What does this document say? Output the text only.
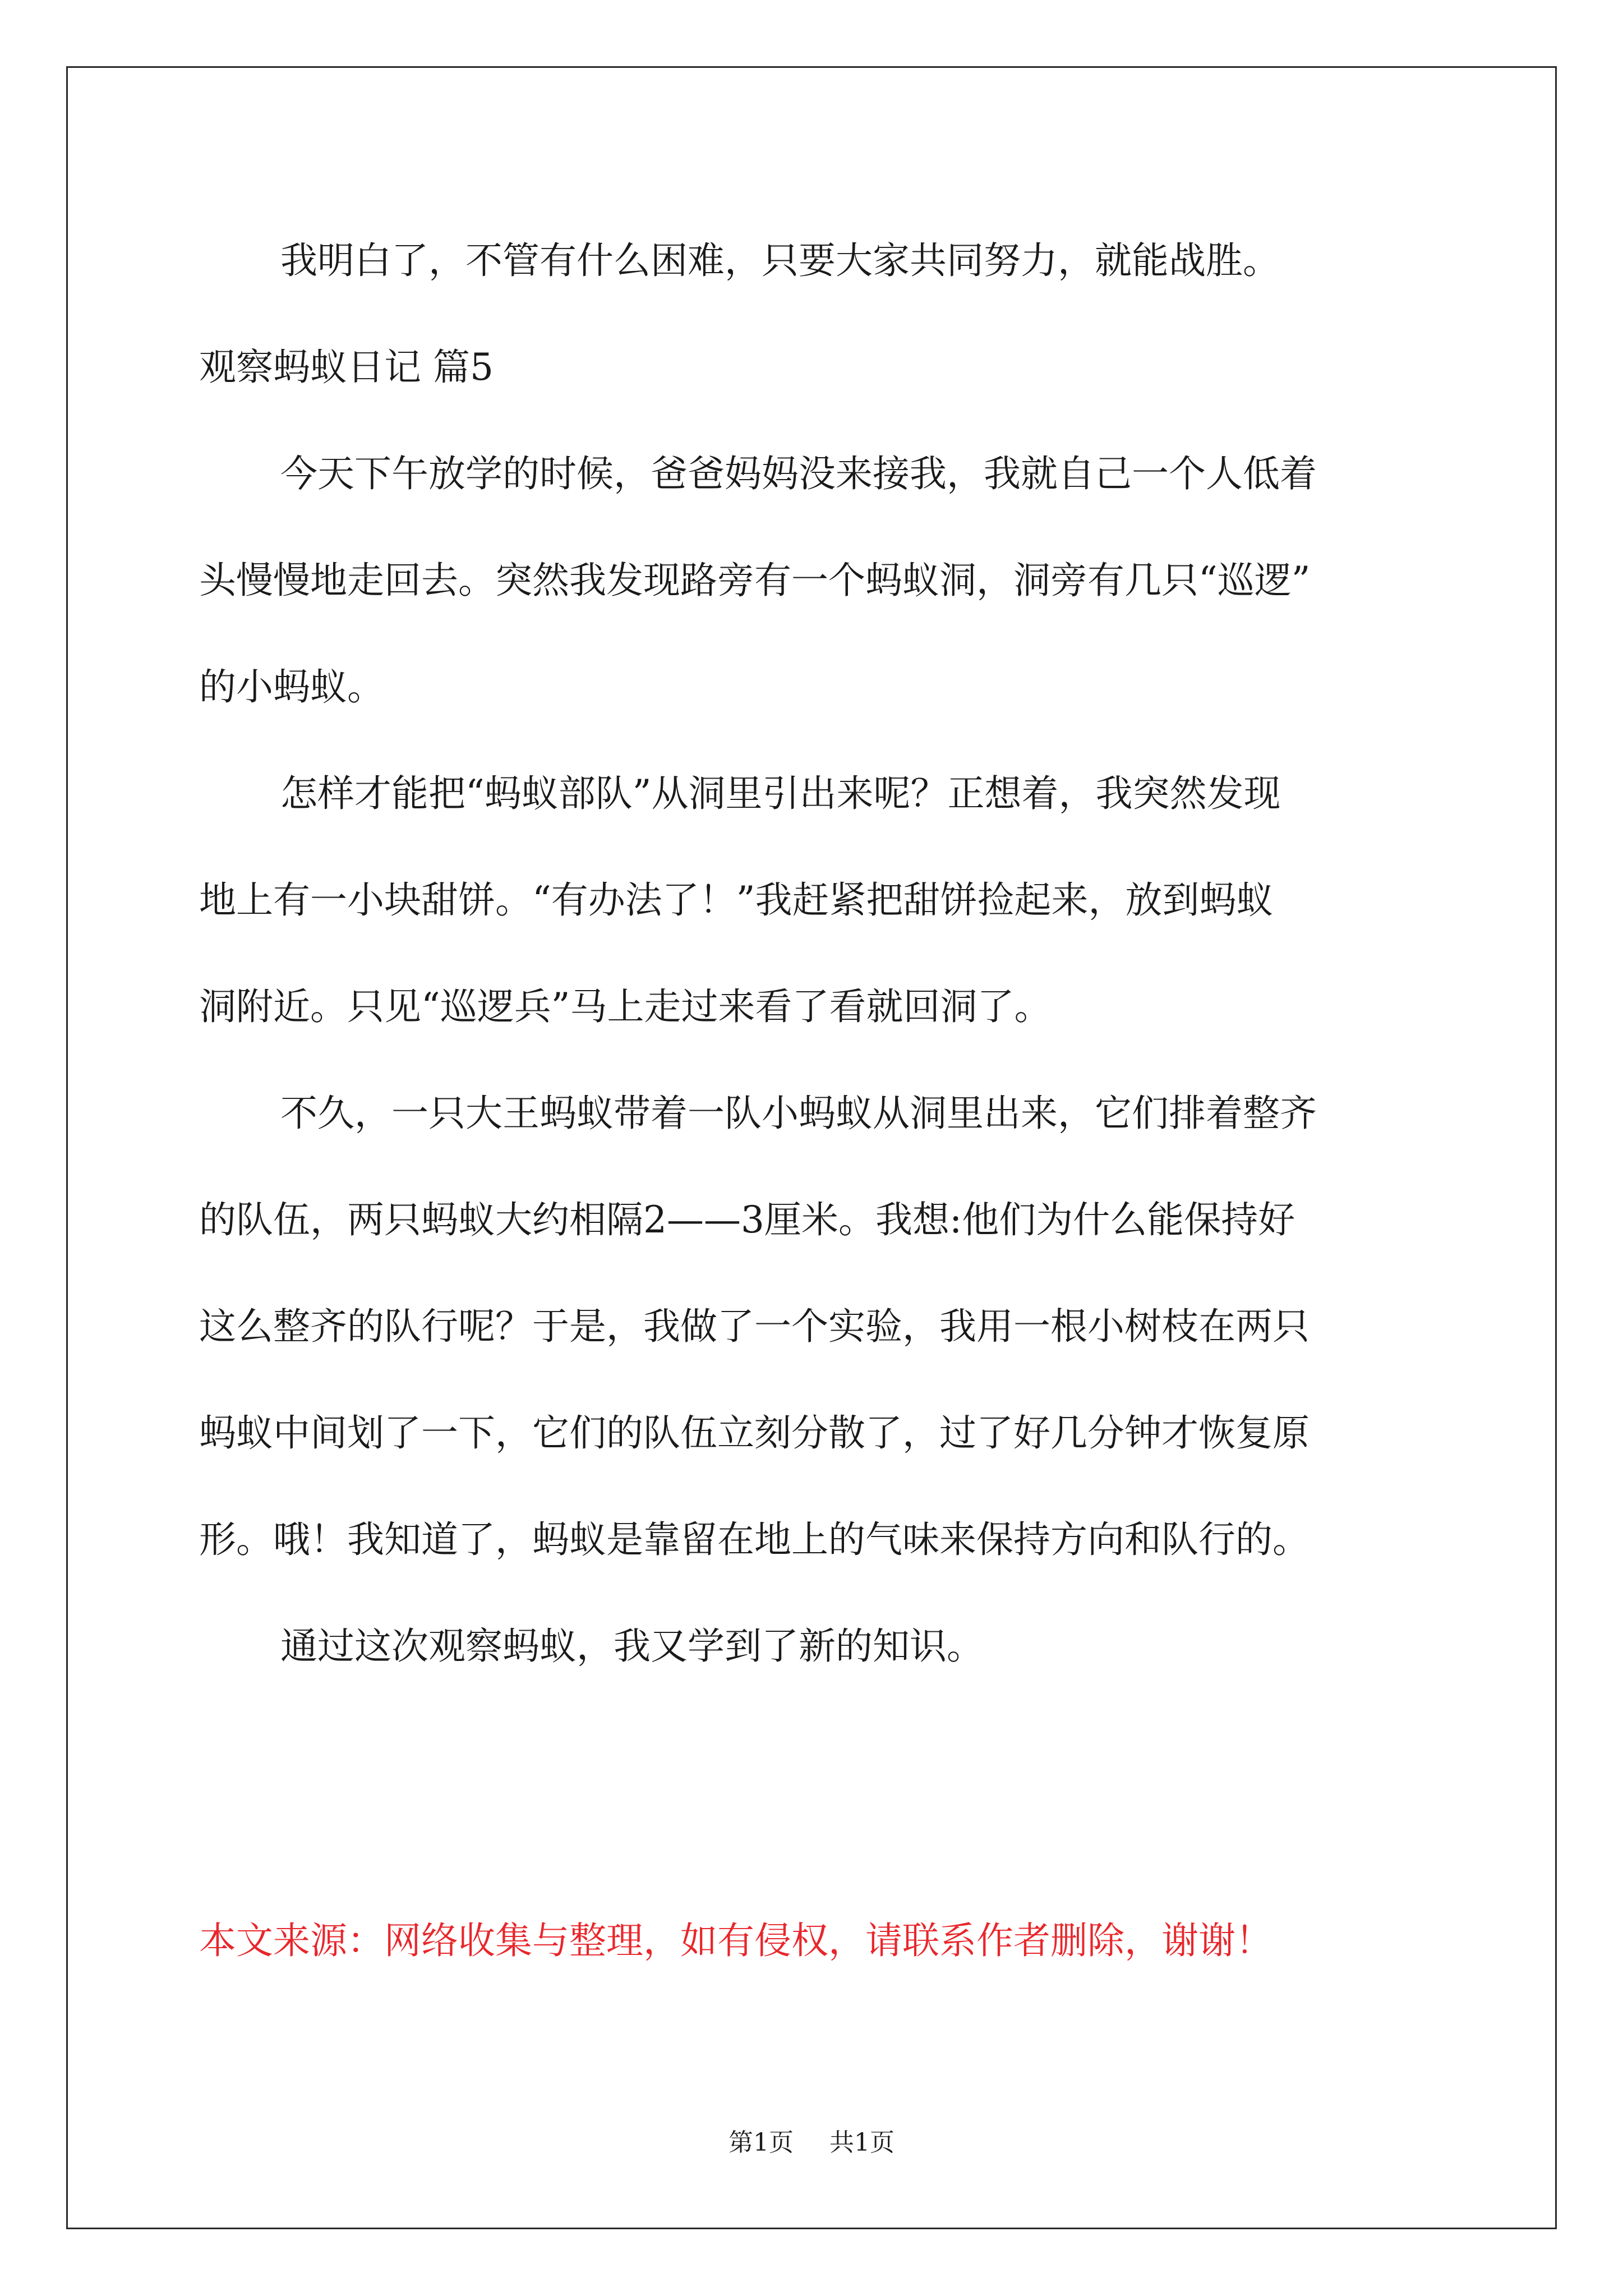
我明白了，不管有什么困难，只要大家共同努力，就能战胜。

观察蚂蚁日记 篇5

今天下午放学的时候，爸爸妈妈没来接我，我就自己一个人低着

头慢慢地走回去。突然我发现路旁有一个蚂蚁洞，洞旁有几只“巡逻”

的小蚂蚁。

怎样才能把“蚂蚁部队”从洞里引出来呢？正想着，我突然发现

地上有一小块甜饼。“有办法了！”我赶紧把甜饼捡起来，放到蚂蚁

洞附近。只见“巡逻兵”马上走过来看了看就回洞了。

不久，一只大王蚂蚁带着一队小蚂蚁从洞里出来，它们排着整齐

的队伍，两只蚂蚁大约相隔2——3厘米。我想:他们为什么能保持好

这么整齐的队行呢？于是，我做了一个实验，我用一根小树枝在两只

蚂蚁中间划了一下，它们的队伍立刻分散了，过了好几分钟才恢复原

形。哦！我知道了，蚂蚁是靠留在地上的气味来保持方向和队行的。

通过这次观察蚂蚁，我又学到了新的知识。

本文来源：网络收集与整理，如有侵权，请联系作者删除，谢谢！

第1页 共1页
